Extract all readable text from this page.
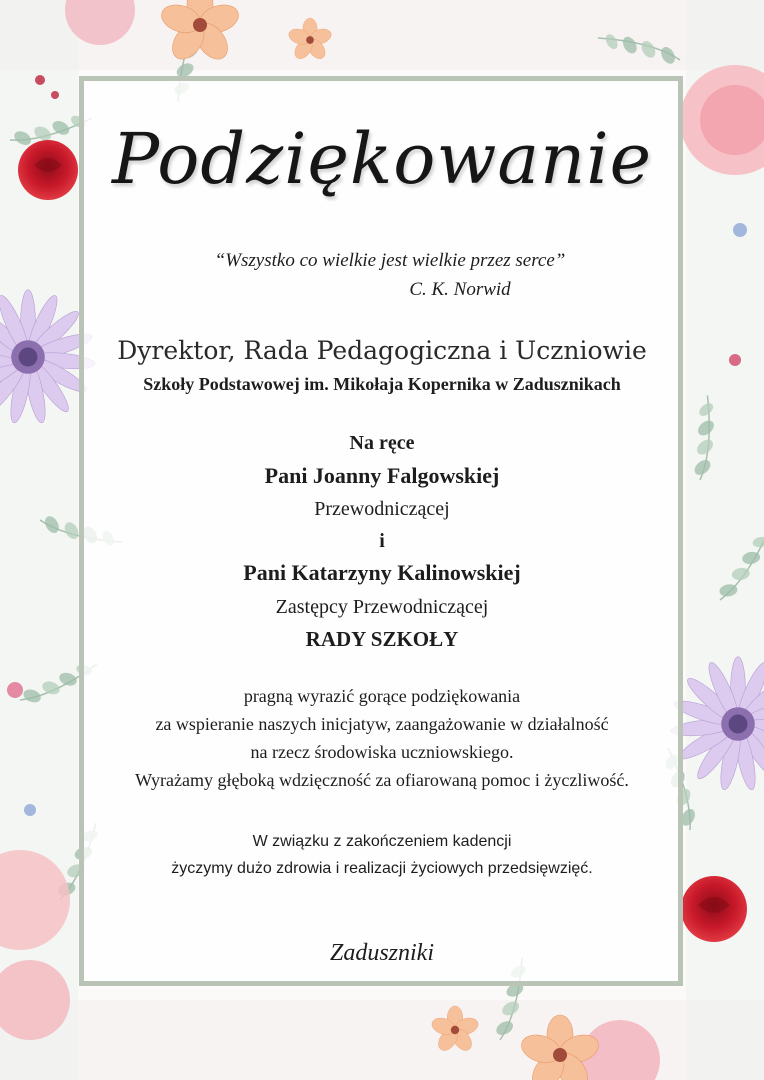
Podziękowanie
“Wszystko co wielkie jest wielkie przez serce”
C. K. Norwid
Dyrektor, Rada Pedagogiczna i Uczniowie
Szkoły Podstawowej im. Mikołaja Kopernika w Zadusznikach
Na ręce
Pani Joanny Falgowskiej
Przewodniczącej
i
Pani Katarzyny Kalinowskiej
Zastępcy Przewodniczącej
RADY SZKOŁY
pragną wyrazić gorące podziękowania
za wspieranie naszych inicjatyw, zaangażowanie w działalność
na rzecz środowiska uczniowskiego.
Wyrażamy głęboką wdzięczność za ofiarowaną pomoc i życzliwość.
W związku z zakończeniem kadencji
życzymy dużo zdrowia i realizacji życiowych przedsięwzięć.
Zaduszniki
